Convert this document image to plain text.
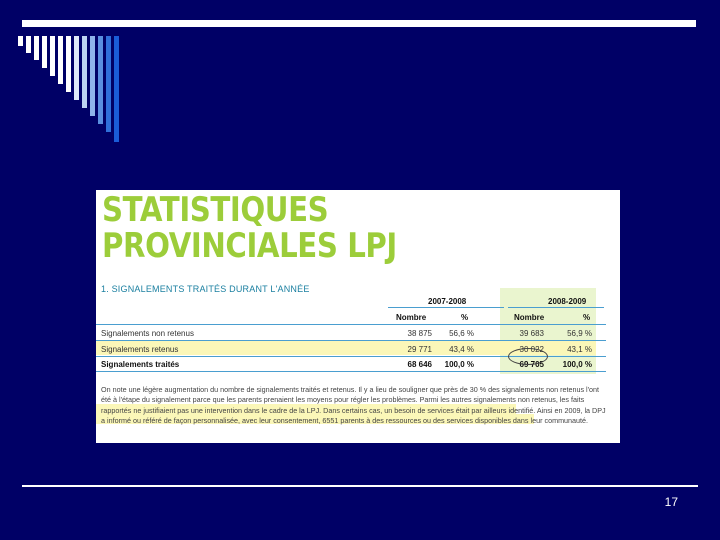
STATISTIQUES
PROVINCIALES LPJ
1. SIGNALEMENTS TRAITÉS DURANT L'ANNÉE
2007-2008	2008-2009
Nombre	%	Nombre	%
Signalements non retenus	38 875	56,6 %	39 683	56,9 %
Signalements retenus	29 771	43,4 %	30 022	43,1 %
Signalements traités	68 646	100,0 %	69 705	100,0 %
On note une légère augmentation du nombre de signalements traités et retenus. Il y a lieu de souligner que près de 30 % des signalements non retenus l'ont été à l'étape du signalement parce que les parents prenaient les moyens pour régler les problèmes. Parmi les autres signalements non retenus, les faits rapportés ne justifiaient pas une intervention dans le cadre de la LPJ. Dans certains cas, un besoin de services était par ailleurs identifié. Ainsi en 2009, la DPJ a informé ou référé de façon personnalisée, avec leur consentement, 6551 parents à des ressources ou des services disponibles dans leur communauté.
17
